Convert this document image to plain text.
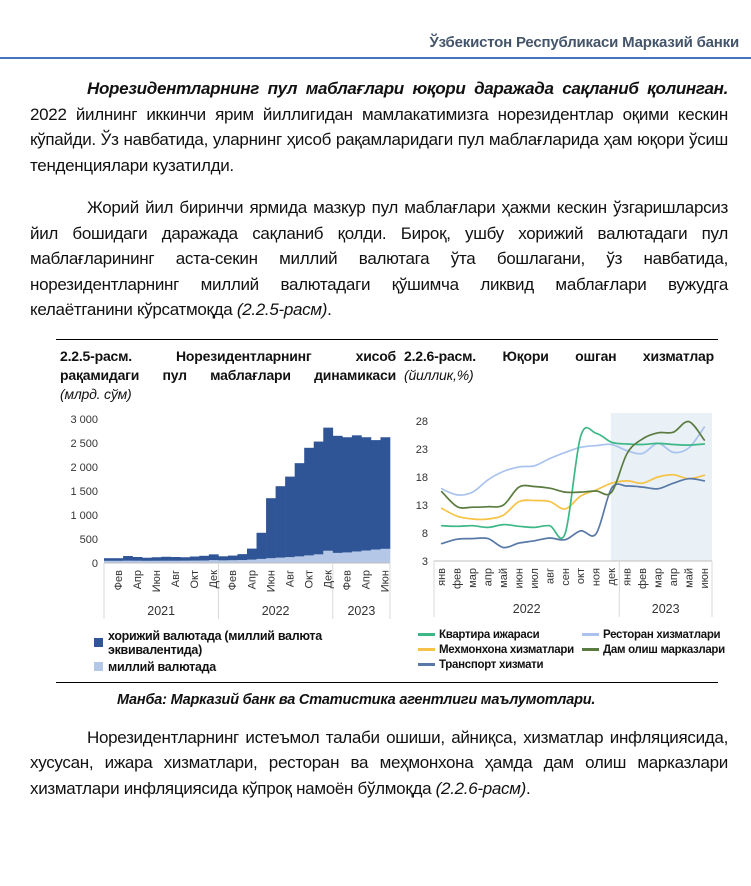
Ўзбекистон Республикаси Марказий банки

Норезидентларнинг пул маблағлари юқори даражада сақланиб қолинган. 2022 йилнинг иккинчи ярим йиллигидан мамлакатимизга норезидентлар оқими кескин кўпайди. Ўз навбатида, уларнинг ҳисоб рақамларидаги пул маблағларида ҳам юқори ўсиш тенденциялари кузатилди.

Жорий йил биринчи ярмида мазкур пул маблағлари ҳажми кескин ўзгаришларсиз йил бошидаги даражада сақланиб қолди. Бироқ, ушбу хорижий валютадаги пул маблағларининг аста-секин миллий валютага ўта бошлагани, ўз навбатида, норезидентларнинг миллий валютадаги қўшимча ликвид маблағлари вужудга келаётганини кўрсатмоқда (2.2.5-расм).

2.2.5-расм. Норезидентларнинг хисоб рақамидаги пул маблағлари динамикаси
(млрд. сўм)
0
500
1 000
1 500
2 000
2 500
3 000
Фев Апр Июн Авг Окт Дек Фев Апр Июн Авг Окт Дек Фев Апр Июн
2021	2022	2023
хорижий валютада (миллий валюта эквивалентида)
миллий валютада
2.2.6-расм. Юқори ошган хизматлар
(йиллик,%)
3
8
13
18
23
28
янв фев мар апр май июн июл авг сен окт ноя дек янв фев мар апр май июн
2022	2023
Квартира ижараси	Ресторан хизматлари
Мехмонхона хизматлари	Дам олиш марказлари
Транспорт хизмати
Манба: Марказий банк ва Статистика агентлиги маълумотлари.

Норезидентларнинг истеъмол талаби ошиши, айниқса, хизматлар инфляциясида, хусусан, ижара хизматлари, ресторан ва меҳмонхона ҳамда дам олиш марказлари хизматлари инфляциясида кўпроқ намоён бўлмоқда (2.2.6-расм).
